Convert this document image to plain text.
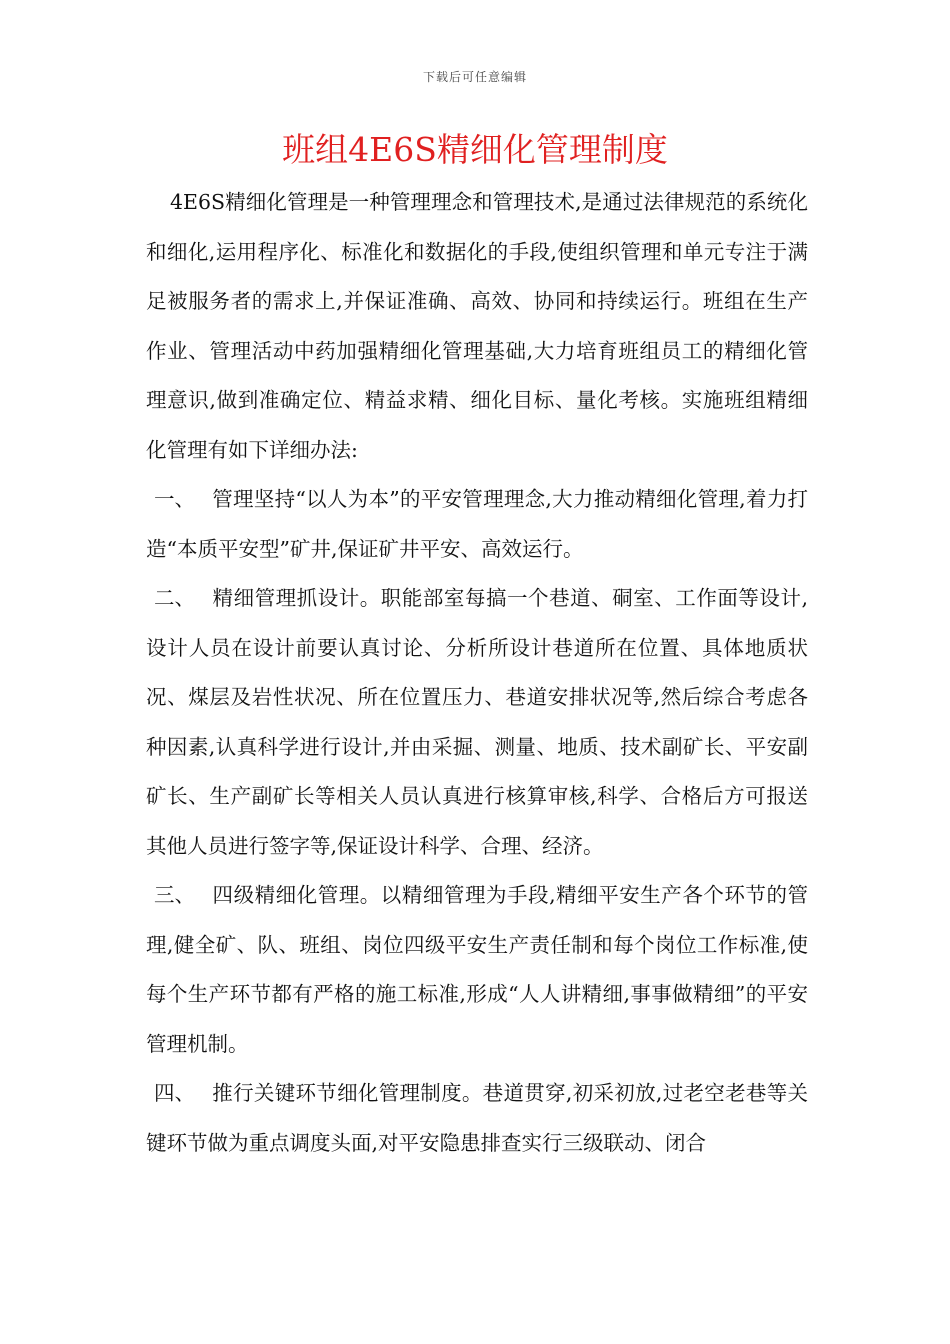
下载后可任意编辑
班组4E6S精细化管理制度

4E6S精细化管理是一种管理理念和管理技术,是通过法律规范的系统化和细化,运用程序化、标准化和数据化的手段,使组织管理和单元专注于满足被服务者的需求上,并保证准确、高效、协同和持续运行。班组在生产作业、管理活动中药加强精细化管理基础,大力培育班组员工的精细化管理意识,做到准确定位、精益求精、细化目标、量化考核。实施班组精细化管理有如下详细办法:

一、 管理坚持“以人为本”的平安管理理念,大力推动精细化管理,着力打造“本质平安型”矿井,保证矿井平安、高效运行。

二、 精细管理抓设计。职能部室每搞一个巷道、硐室、工作面等设计,设计人员在设计前要认真讨论、分析所设计巷道所在位置、具体地质状况、煤层及岩性状况、所在位置压力、巷道安排状况等,然后综合考虑各种因素,认真科学进行设计,并由采掘、测量、地质、技术副矿长、平安副矿长、生产副矿长等相关人员认真进行核算审核,科学、合格后方可报送其他人员进行签字等,保证设计科学、合理、经济。

三、 四级精细化管理。以精细管理为手段,精细平安生产各个环节的管理,健全矿、队、班组、岗位四级平安生产责任制和每个岗位工作标准,使每个生产环节都有严格的施工标准,形成“人人讲精细,事事做精细”的平安管理机制。

四、 推行关键环节细化管理制度。巷道贯穿,初采初放,过老空老巷等关键环节做为重点调度头面,对平安隐患排查实行三级联动、闭合
